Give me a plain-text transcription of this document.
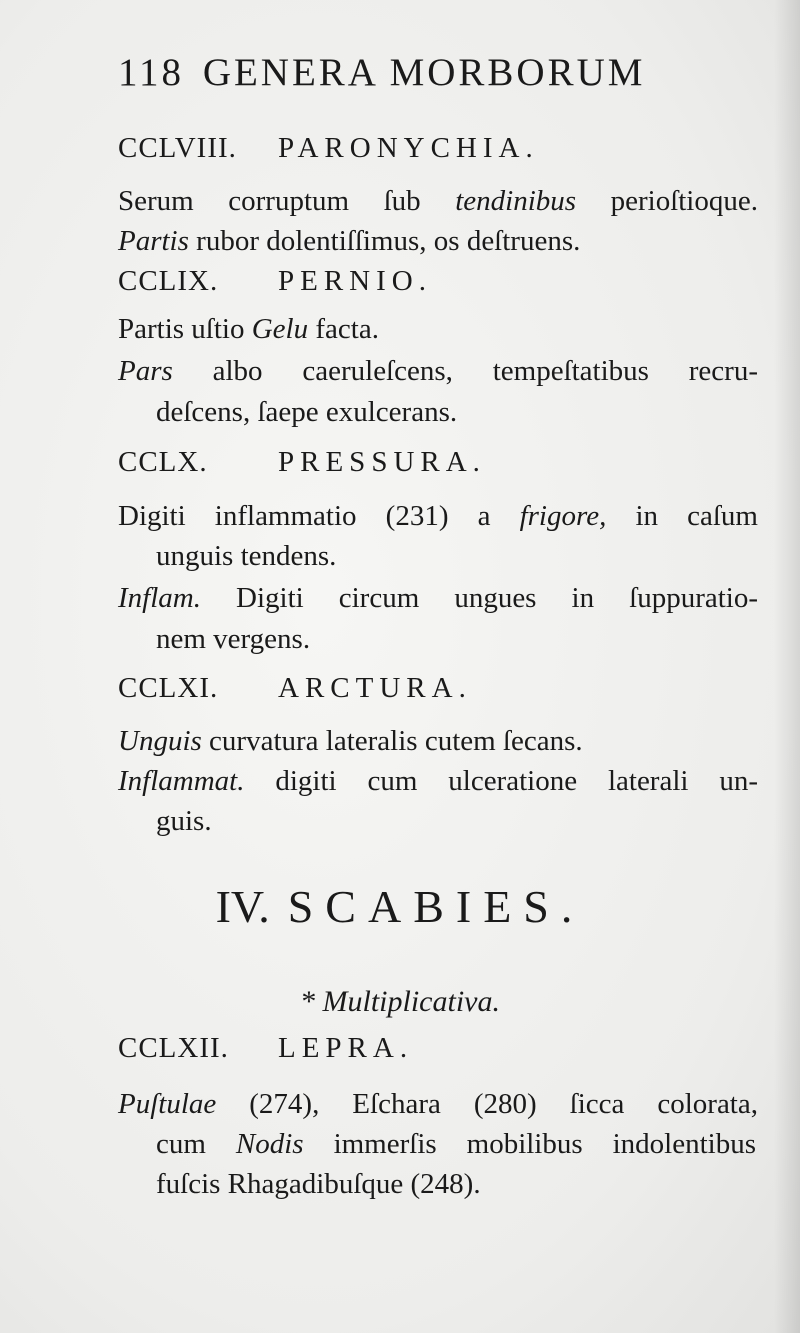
118 GENERA MORBORUM
CCLVIII. PARONYCHIA.
Serum corruptum ſub tendinibus perioſtioque.
Partis rubor dolentiſſimus, os deſtruens.
CCLIX. PERNIO.
Partis uſtio Gelu facta.
Pars albo caeruleſcens, tempeſtatibus recru-
deſcens, ſaepe exulcerans.
CCLX. PRESSURA.
Digiti inflammatio (231) a frigore, in caſum
unguis tendens.
Inflam. Digiti circum ungues in ſuppuratio-
nem vergens.
CCLXI. ARCTURA.
Unguis curvatura lateralis cutem ſecans.
Inflammat. digiti cum ulceratione laterali un-
guis.
IV. SCABIES.
* Multiplicativa.
CCLXII. LEPRA.
Puſtulae (274), Eſchara (280) ſicca colorata,
cum Nodis immerſis mobilibus indolentibus
fuſcis Rhagadibuſque (248).
